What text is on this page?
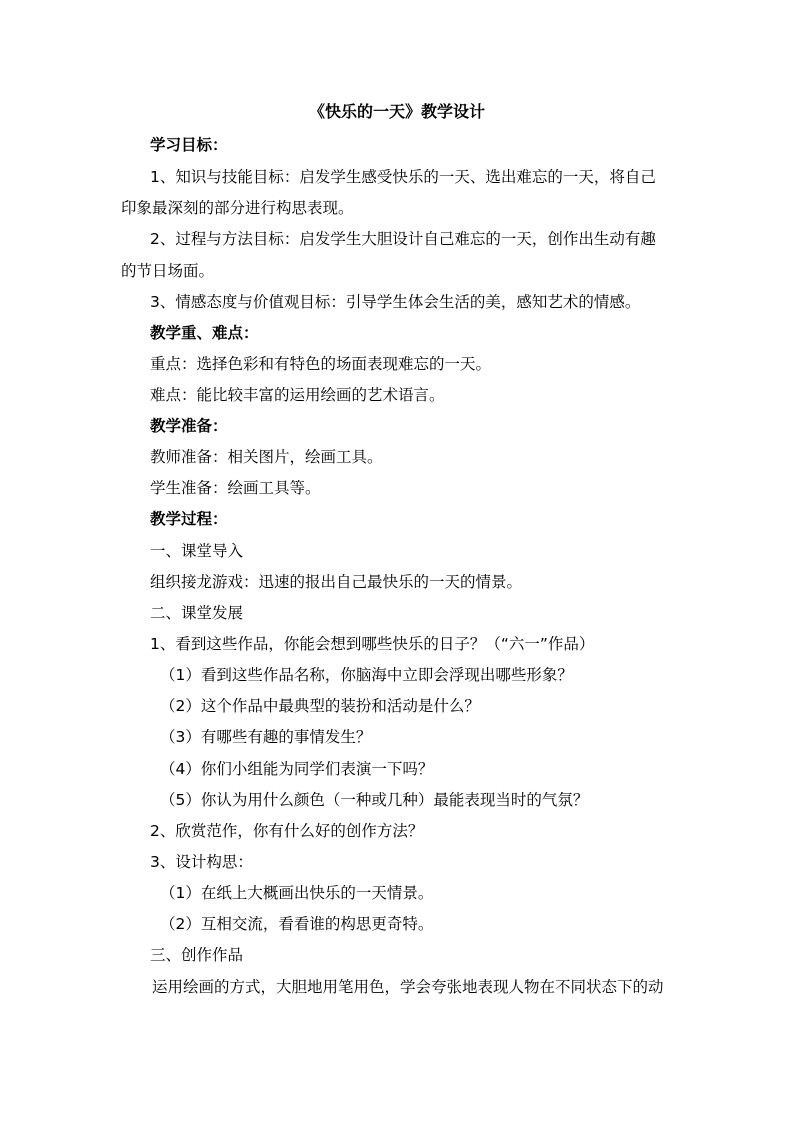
《快乐的一天》教学设计
学习目标：
1、知识与技能目标：启发学生感受快乐的一天、选出难忘的一天，将自己
印象最深刻的部分进行构思表现。
2、过程与方法目标：启发学生大胆设计自己难忘的一天，创作出生动有趣
的节日场面。
3、情感态度与价值观目标：引导学生体会生活的美，感知艺术的情感。
教学重、难点：
重点：选择色彩和有特色的场面表现难忘的一天。
难点：能比较丰富的运用绘画的艺术语言。
教学准备：
教师准备：相关图片，绘画工具。
学生准备：绘画工具等。
教学过程：
一、课堂导入
组织接龙游戏：迅速的报出自己最快乐的一天的情景。
二、课堂发展
1、看到这些作品，你能会想到哪些快乐的日子？（“六一”作品）
（1）看到这些作品名称，你脑海中立即会浮现出哪些形象？
（2）这个作品中最典型的装扮和活动是什么？
（3）有哪些有趣的事情发生？
（4）你们小组能为同学们表演一下吗？
（5）你认为用什么颜色（一种或几种）最能表现当时的气氛？
2、欣赏范作，你有什么好的创作方法？
3、设计构思：
（1）在纸上大概画出快乐的一天情景。
（2）互相交流，看看谁的构思更奇特。
三、创作作品
运用绘画的方式，大胆地用笔用色，学会夸张地表现人物在不同状态下的动
